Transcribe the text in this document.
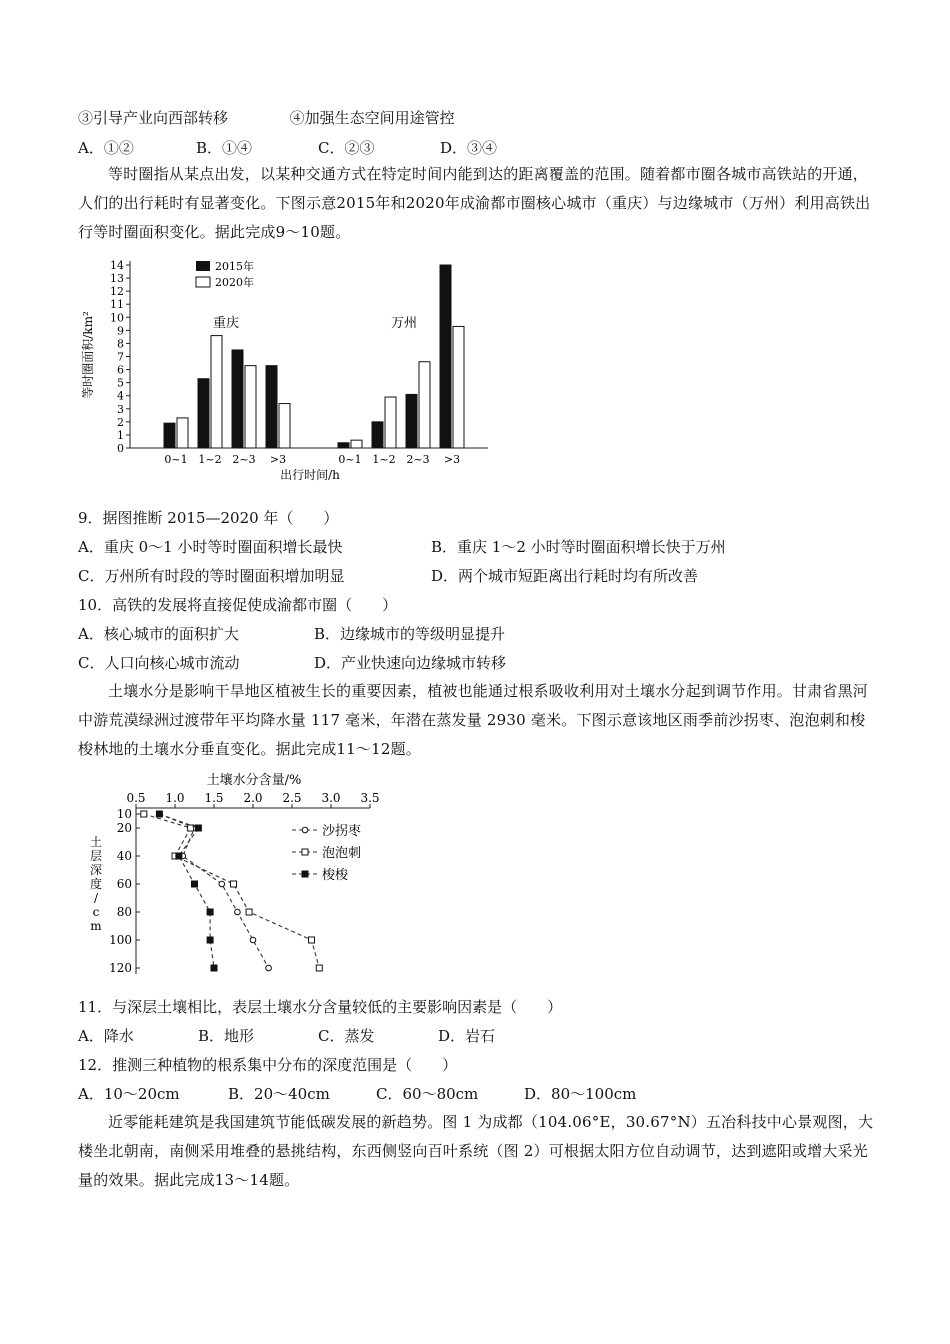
③引导产业向西部转移	④加强生态空间用途管控
A．①②	B．①④	C．②③	D．③④
等时圈指从某点出发，以某种交通方式在特定时间内能到达的距离覆盖的范围。随着都市圈各城市高铁站的开通，人们的出行耗时有显著变化。下图示意2015年和2020年成渝都市圈核心城市（重庆）与边缘城市（万州）利用高铁出行等时圈面积变化。据此完成9～10题。
0
1
2
3
4
5
6
7
8
9
10
11
12
13
14
等时圈面积/km²
2015年
2020年
0~1 1~2 2~3 >3
重庆
0~1 1~2 2~3 >3
万州
出行时间/h
9．据图推断 2015—2020 年（　　）
A．重庆 0～1 小时等时圈面积增长最快	B．重庆 1～2 小时等时圈面积增长快于万州
C．万州所有时段的等时圈面积增加明显	D．两个城市短距离出行耗时均有所改善
10．高铁的发展将直接促使成渝都市圈（　　）
A．核心城市的面积扩大	B．边缘城市的等级明显提升
C．人口向核心城市流动	D．产业快速向边缘城市转移
土壤水分是影响干旱地区植被生长的重要因素，植被也能通过根系吸收利用对土壤水分起到调节作用。甘肃省黑河中游荒漠绿洲过渡带年平均降水量 117 毫米，年潜在蒸发量 2930 毫米。下图示意该地区雨季前沙拐枣、泡泡刺和梭梭林地的土壤水分垂直变化。据此完成11～12题。
土壤水分含量/%
0.5 1.0 1.5 2.0 2.5 3.0 3.5
10
20
40
60
80
100
120
土
层
深
度
/
c
m
沙拐枣
泡泡刺
梭梭
11．与深层土壤相比，表层土壤水分含量较低的主要影响因素是（　　）
A．降水	B．地形	C．蒸发	D．岩石
12．推测三种植物的根系集中分布的深度范围是（　　）
A．10～20cm	B．20～40cm	C．60～80cm	D．80～100cm
近零能耗建筑是我国建筑节能低碳发展的新趋势。图 1 为成都（104.06°E，30.67°N）五冶科技中心景观图，大楼坐北朝南，南侧采用堆叠的悬挑结构，东西侧竖向百叶系统（图 2）可根据太阳方位自动调节，达到遮阳或增大采光量的效果。据此完成13～14题。
